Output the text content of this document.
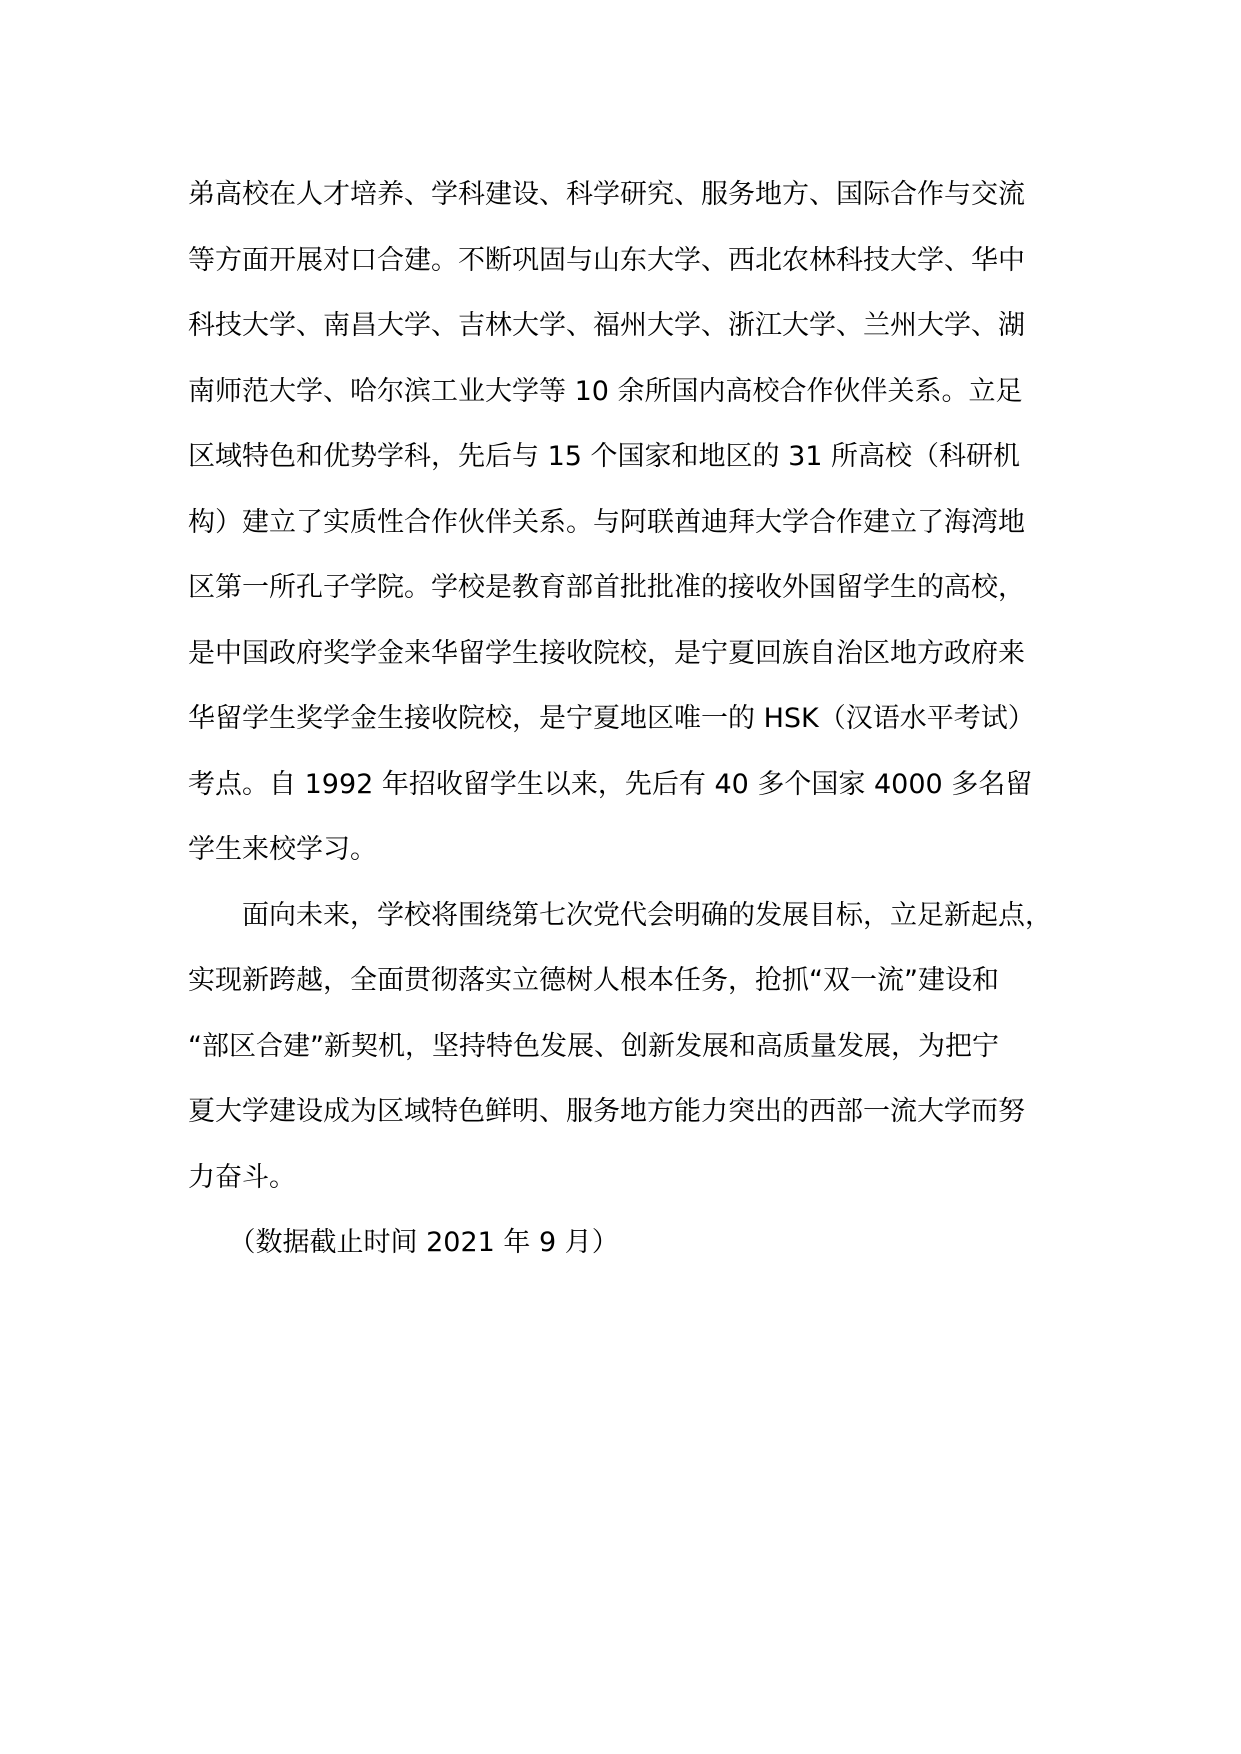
弟高校在人才培养、学科建设、科学研究、服务地方、国际合作与交流
等方面开展对口合建。不断巩固与山东大学、西北农林科技大学、华中
科技大学、南昌大学、吉林大学、福州大学、浙江大学、兰州大学、湖
南师范大学、哈尔滨工业大学等 10 余所国内高校合作伙伴关系。立足
区域特色和优势学科，先后与 15 个国家和地区的 31 所高校（科研机
构）建立了实质性合作伙伴关系。与阿联酋迪拜大学合作建立了海湾地
区第一所孔子学院。学校是教育部首批批准的接收外国留学生的高校，
是中国政府奖学金来华留学生接收院校，是宁夏回族自治区地方政府来
华留学生奖学金生接收院校，是宁夏地区唯一的 HSK（汉语水平考试）
考点。自 1992 年招收留学生以来，先后有 40 多个国家 4000 多名留
学生来校学习。
　　面向未来，学校将围绕第七次党代会明确的发展目标，立足新起点，
实现新跨越，全面贯彻落实立德树人根本任务，抢抓“双一流”建设和
“部区合建”新契机，坚持特色发展、创新发展和高质量发展，为把宁
夏大学建设成为区域特色鲜明、服务地方能力突出的西部一流大学而努
力奋斗。
　　（数据截止时间 2021 年 9 月）
